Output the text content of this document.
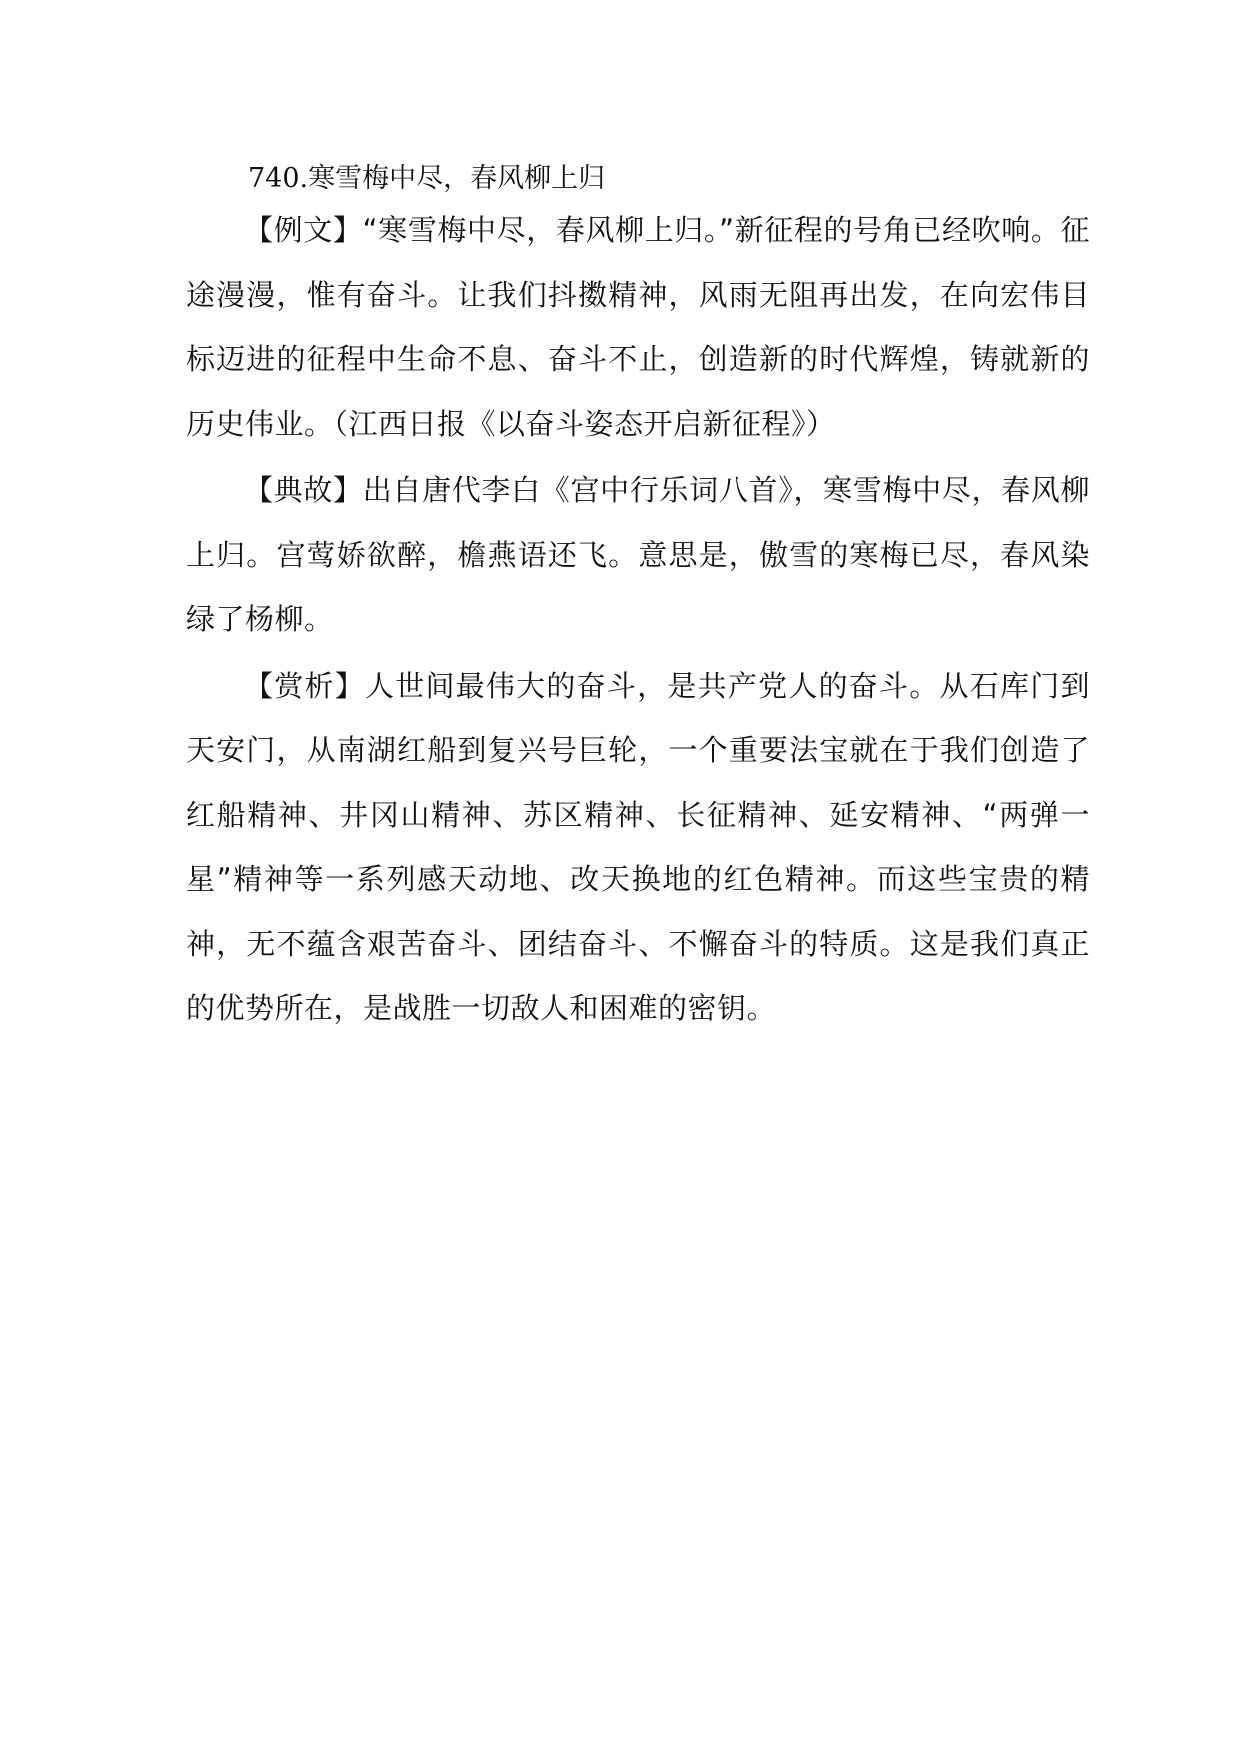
740.寒雪梅中尽，春风柳上归

【例文】“寒雪梅中尽，春风柳上归。”新征程的号角已经吹响。征途漫漫，惟有奋斗。让我们抖擞精神，风雨无阻再出发，在向宏伟目标迈进的征程中生命不息、奋斗不止，创造新的时代辉煌，铸就新的历史伟业。（江西日报《以奋斗姿态开启新征程》）

【典故】出自唐代李白《宫中行乐词八首》，寒雪梅中尽，春风柳上归。宫莺娇欲醉，檐燕语还飞。意思是，傲雪的寒梅已尽，春风染绿了杨柳。

【赏析】人世间最伟大的奋斗，是共产党人的奋斗。从石库门到天安门，从南湖红船到复兴号巨轮，一个重要法宝就在于我们创造了红船精神、井冈山精神、苏区精神、长征精神、延安精神、“两弹一星”精神等一系列感天动地、改天换地的红色精神。而这些宝贵的精神，无不蕴含艰苦奋斗、团结奋斗、不懈奋斗的特质。这是我们真正的优势所在，是战胜一切敌人和困难的密钥。
